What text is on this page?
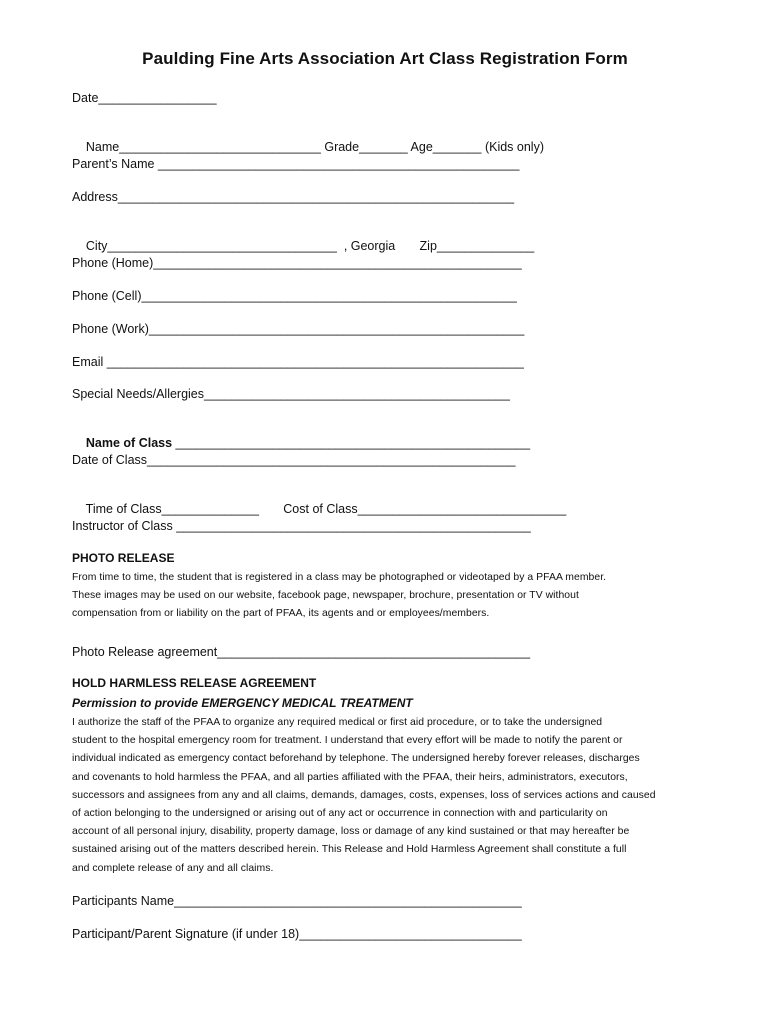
Paulding Fine Arts Association Art Class Registration Form
Date_________________

Name_____________________________ Grade_______ Age_______ (Kids only)

Parent’s Name ____________________________________________________
Address_________________________________________________________

City_________________________________ , Georgia Zip______________

Phone (Home)_____________________________________________________
Phone (Cell)______________________________________________________
Phone (Work)______________________________________________________
Email ____________________________________________________________
Special Needs/Allergies____________________________________________

Name of Class ___________________________________________________

Date of Class_____________________________________________________

Time of Class______________ Cost of Class______________________________

Instructor of Class ___________________________________________________
PHOTO RELEASE
From time to time, the student that is registered in a class may be photographed or videotaped by a PFAA member.
These images may be used on our website, facebook page, newspaper, brochure, presentation or TV without
compensation from or liability on the part of PFAA, its agents and or employees/members.
Photo Release agreement_____________________________________________
HOLD HARMLESS RELEASE AGREEMENT
Permission to provide EMERGENCY MEDICAL TREATMENT
I authorize the staff of the PFAA to organize any required medical or first aid procedure, or to take the undersigned
student to the hospital emergency room for treatment. I understand that every effort will be made to notify the parent or
individual indicated as emergency contact beforehand by telephone. The undersigned hereby forever releases, discharges
and covenants to hold harmless the PFAA, and all parties affiliated with the PFAA, their heirs, administrators, executors,
successors and assignees from any and all claims, demands, damages, costs, expenses, loss of services actions and caused
of action belonging to the undersigned or arising out of any act or occurrence in connection with and particularity on
account of all personal injury, disability, property damage, loss or damage of any kind sustained or that may hereafter be
sustained arising out of the matters described herein. This Release and Hold Harmless Agreement shall constitute a full
and complete release of any and all claims.
Participants Name__________________________________________________
Participant/Parent Signature (if under 18)________________________________
